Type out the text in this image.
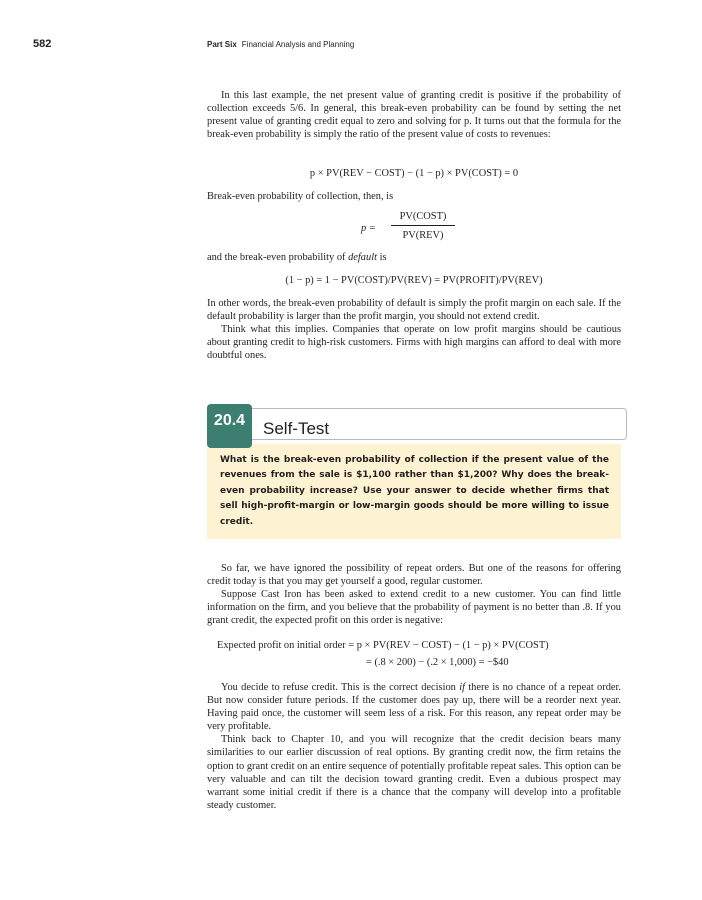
582	Part Six Financial Analysis and Planning

In this last example, the net present value of granting credit is positive if the probability of collection exceeds 5/6. In general, this break-even probability can be found by setting the net present value of granting credit equal to zero and solving for p. It turns out that the formula for the break-even probability is simply the ratio of the present value of costs to revenues:

p × PV(REV − COST) − (1 − p) × PV(COST) = 0

Break-even probability of collection, then, is

p =
PV(COST)
PV(REV)

and the break-even probability of default is

(1 − p) = 1 − PV(COST)/PV(REV) = PV(PROFIT)/PV(REV)

In other words, the break-even probability of default is simply the profit margin on each sale. If the default probability is larger than the profit margin, you should not extend credit.

Think what this implies. Companies that operate on low profit margins should be cautious about granting credit to high-risk customers. Firms with high margins can afford to deal with more doubtful ones.

Self-Test
20.4

What is the break-even probability of collection if the present value of the revenues from the sale is $1,100 rather than $1,200? Why does the break-even probability increase? Use your answer to decide whether firms that sell high-profit-margin or low-margin goods should be more willing to issue credit.

So far, we have ignored the possibility of repeat orders. But one of the reasons for offering credit today is that you may get yourself a good, regular customer.

Suppose Cast Iron has been asked to extend credit to a new customer. You can find little information on the firm, and you believe that the probability of payment is no better than .8. If you grant credit, the expected profit on this order is negative:

Expected profit on initial order = p × PV(REV − COST) − (1 − p) × PV(COST)
= (.8 × 200) − (.2 × 1,000) = −$40

You decide to refuse credit. This is the correct decision if there is no chance of a repeat order. But now consider future periods. If the customer does pay up, there will be a reorder next year. Having paid once, the customer will seem less of a risk. For this reason, any repeat order may be very profitable.

Think back to Chapter 10, and you will recognize that the credit decision bears many similarities to our earlier discussion of real options. By granting credit now, the firm retains the option to grant credit on an entire sequence of potentially profitable repeat sales. This option can be very valuable and can tilt the decision toward granting credit. Even a dubious prospect may warrant some initial credit if there is a chance that the company will develop into a profitable steady customer.
